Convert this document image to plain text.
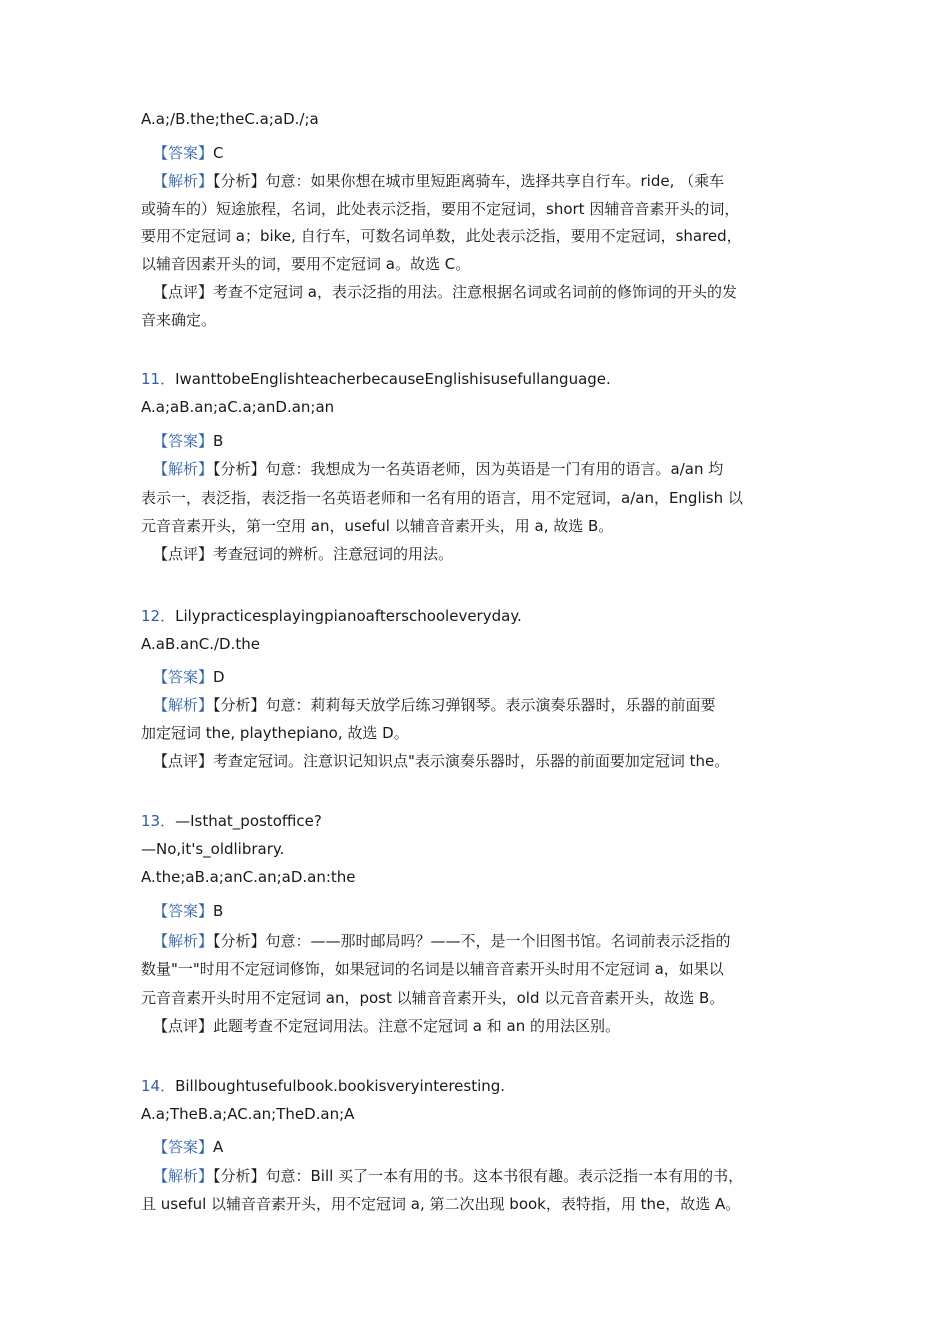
A.a;/B.the;theC.a;aD./;a
【答案】C
【解析】【分析】句意：如果你想在城市里短距离骑车，选择共享自行车。ride, （乘车
或骑车的）短途旅程，名词，此处表示泛指，要用不定冠词，short 因辅音音素开头的词，
要用不定冠词 a；bike, 自行车，可数名词单数，此处表示泛指，要用不定冠词，shared，
以辅音因素开头的词，要用不定冠词 a。故选 C。
【点评】考查不定冠词 a，表示泛指的用法。注意根据名词或名词前的修饰词的开头的发
音来确定。
11．IwanttobeEnglishteacherbecauseEnglishisusefullanguage.
A.a;aB.an;aC.a;anD.an;an
【答案】B
【解析】【分析】句意：我想成为一名英语老师，因为英语是一门有用的语言。a/an 均
表示一，表泛指，表泛指一名英语老师和一名有用的语言，用不定冠词，a/an，English 以
元音音素开头，第一空用 an，useful 以辅音音素开头，用 a, 故选 B。
【点评】考查冠词的辨析。注意冠词的用法。
12．Lilypracticesplayingpianoafterschooleveryday.
A.aB.anC./D.the
【答案】D
【解析】【分析】句意：莉莉每天放学后练习弹钢琴。表示演奏乐器时，乐器的前面要
加定冠词 the, playthepiano, 故选 D。
【点评】考查定冠词。注意识记知识点"表示演奏乐器时，乐器的前面要加定冠词 the。
13．—Isthat_postoffice?
—No,it's_oldlibrary.
A.the;aB.a;anC.an;aD.an:the
【答案】B
【解析】【分析】句意：——那时邮局吗？——不，是一个旧图书馆。名词前表示泛指的
数量"一"时用不定冠词修饰，如果冠词的名词是以辅音音素开头时用不定冠词 a，如果以
元音音素开头时用不定冠词 an，post 以辅音音素开头，old 以元音音素开头，故选 B。
【点评】此题考查不定冠词用法。注意不定冠词 a 和 an 的用法区别。
14．Billboughtusefulbook.bookisveryinteresting.
A.a;TheB.a;AC.an;TheD.an;A
【答案】A
【解析】【分析】句意：Bill 买了一本有用的书。这本书很有趣。表示泛指一本有用的书，
且 useful 以辅音音素开头，用不定冠词 a, 第二次出现 book，表特指，用 the，故选 A。
